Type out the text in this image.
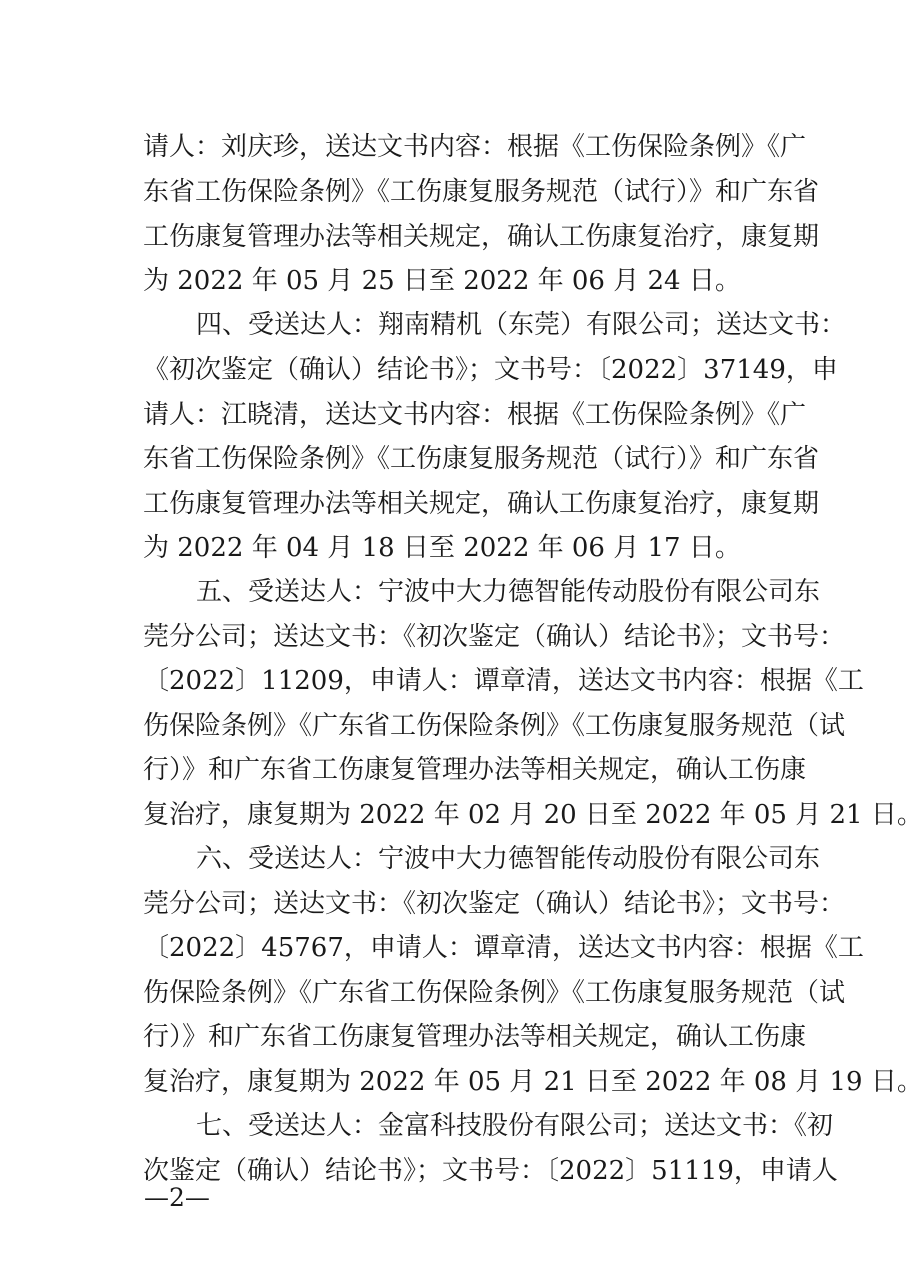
请人：刘庆珍，送达文书内容：根据《工伤保险条例》《广
东省工伤保险条例》《工伤康复服务规范（试行）》和广东省
工伤康复管理办法等相关规定，确认工伤康复治疗，康复期
为 2022 年 05 月 25 日至 2022 年 06 月 24 日。
四、受送达人：翔南精机（东莞）有限公司；送达文书：
《初次鉴定（确认）结论书》；文书号：〔2022〕37149，申
请人：江晓清，送达文书内容：根据《工伤保险条例》《广
东省工伤保险条例》《工伤康复服务规范（试行）》和广东省
工伤康复管理办法等相关规定，确认工伤康复治疗，康复期
为 2022 年 04 月 18 日至 2022 年 06 月 17 日。
五、受送达人：宁波中大力德智能传动股份有限公司东
莞分公司；送达文书：《初次鉴定（确认）结论书》；文书号：
〔2022〕11209，申请人：谭章清，送达文书内容：根据《工
伤保险条例》《广东省工伤保险条例》《工伤康复服务规范（试
行）》和广东省工伤康复管理办法等相关规定，确认工伤康
复治疗，康复期为 2022 年 02 月 20 日至 2022 年 05 月 21 日。
六、受送达人：宁波中大力德智能传动股份有限公司东
莞分公司；送达文书：《初次鉴定（确认）结论书》；文书号：
〔2022〕45767，申请人：谭章清，送达文书内容：根据《工
伤保险条例》《广东省工伤保险条例》《工伤康复服务规范（试
行）》和广东省工伤康复管理办法等相关规定，确认工伤康
复治疗，康复期为 2022 年 05 月 21 日至 2022 年 08 月 19 日。
七、受送达人：金富科技股份有限公司；送达文书：《初
次鉴定（确认）结论书》；文书号：〔2022〕51119，申请人
—2—
